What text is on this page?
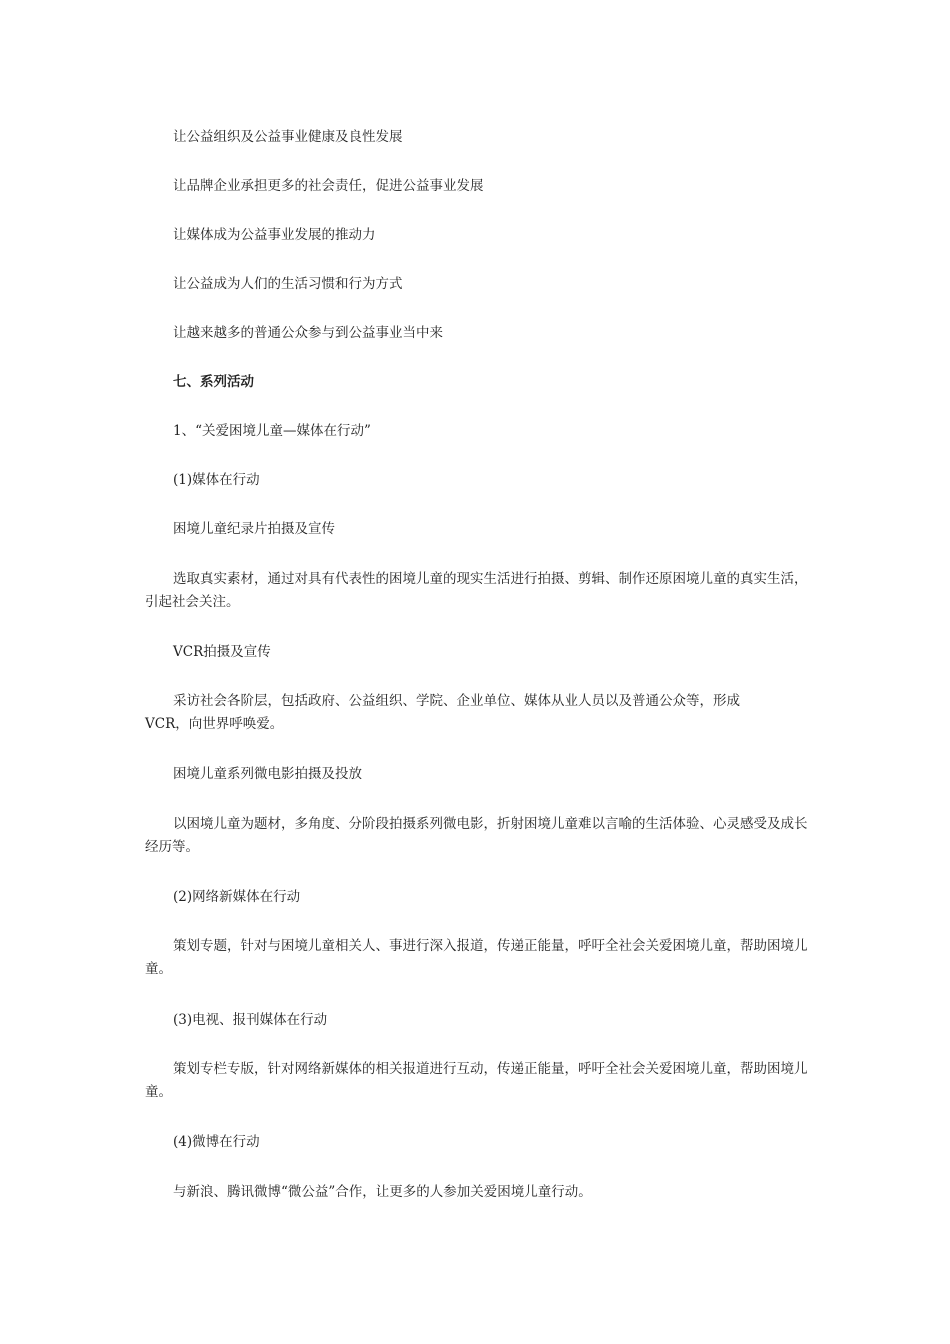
让公益组织及公益事业健康及良性发展

让品牌企业承担更多的社会责任，促进公益事业发展

让媒体成为公益事业发展的推动力

让公益成为人们的生活习惯和行为方式

让越来越多的普通公众参与到公益事业当中来

七、系列活动

1、“关爱困境儿童—媒体在行动”

(1)媒体在行动

困境儿童纪录片拍摄及宣传

选取真实素材，通过对具有代表性的困境儿童的现实生活进行拍摄、剪辑、制作还原困境儿童的真实生活，引起社会关注。

VCR拍摄及宣传

采访社会各阶层，包括政府、公益组织、学院、企业单位、媒体从业人员以及普通公众等，形成

VCR，向世界呼唤爱。

困境儿童系列微电影拍摄及投放

以困境儿童为题材，多角度、分阶段拍摄系列微电影，折射困境儿童难以言喻的生活体验、心灵感受及成长经历等。

(2)网络新媒体在行动

策划专题，针对与困境儿童相关人、事进行深入报道，传递正能量，呼吁全社会关爱困境儿童，帮助困境儿童。

(3)电视、报刊媒体在行动

策划专栏专版，针对网络新媒体的相关报道进行互动，传递正能量，呼吁全社会关爱困境儿童，帮助困境儿童。

(4)微博在行动

与新浪、腾讯微博“微公益”合作，让更多的人参加关爱困境儿童行动。
